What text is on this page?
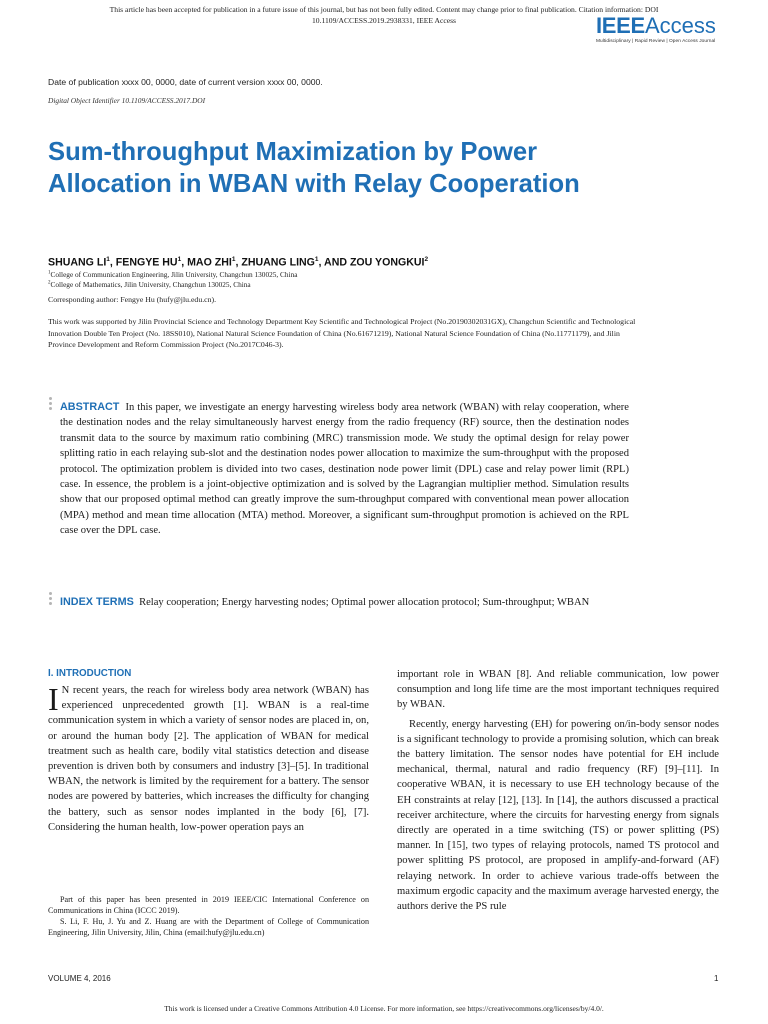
This article has been accepted for publication in a future issue of this journal, but has not been fully edited. Content may change prior to final publication. Citation information: DOI
10.1109/ACCESS.2019.2938331, IEEE Access	IEEEAccess
Multidisciplinary | Rapid Review | Open Access Journal
Date of publication xxxx 00, 0000, date of current version xxxx 00, 0000.
Digital Object Identifier 10.1109/ACCESS.2017.DOI
Sum-throughput Maximization by Power Allocation in WBAN with Relay Cooperation
SHUANG $LI^1$, FENGYE $HU^1$, MAO ZHI$^1$, ZHUANG LING$^1$, AND ZOU YONGKUI$^2$
$^1$College of Communication Engineering, Jilin University, Changchun 130025, China
$^2$College of Mathematics, Jilin University, Changchun 130025, China
Corresponding author: Fengye Hu (hufy@jlu.edu.cn).
This work was supported by Jilin Provincial Science and Technology Department Key Scientific and Technological Project (No.20190302031GX), Changchun Scientific and Technological Innovation Double Ten Project (No. 18SS010), National Natural Science Foundation of China (No.61671219), National Natural Science Foundation of China (No.11771179), and Jilin Province Development and Reform Commission Project (No.2017C046-3).
ABSTRACT In this paper, we investigate an energy harvesting wireless body area network (WBAN) with relay cooperation, where the destination nodes and the relay simultaneously harvest energy from the radio frequency (RF) source, then the destination nodes transmit data to the source by maximum ratio combining (MRC) transmission mode. We study the optimal design for relay power splitting ratio in each relaying sub-slot and the destination nodes power allocation to maximize the sum-throughput with the proposed protocol. The optimization problem is divided into two cases, destination node power limit (DPL) case and relay power limit (RPL) case. In essence, the problem is a joint-objective optimization and is solved by the Lagrangian multiplier method. Simulation results show that our proposed optimal method can greatly improve the sum-throughput compared with conventional mean power allocation (MPA) method and mean time allocation (MTA) method. Moreover, a significant sum-throughput promotion is achieved on the RPL case over the DPL case.
INDEX TERMS Relay cooperation; Energy harvesting nodes; Optimal power allocation protocol; Sum-throughput; WBAN
I. INTRODUCTION
I N recent years, the reach for wireless body area network (WBAN) has experienced unprecedented growth [1]. WBAN is a real-time communication system in which a variety of sensor nodes are placed in, on, or around the human body [2]. The application of WBAN for medical treatment such as health care, bodily vital statistics detection and disease prevention is driven both by consumers and industry [3]–[5]. In traditional WBAN, the network is limited by the requirement for a battery. The sensor nodes are powered by batteries, which increases the difficulty for changing the battery, such as sensor nodes implanted in the body [6], [7]. Considering the human health, low-power operation pays an

Part of this paper has been presented in 2019 IEEE/CIC International Conference on Communications in China (ICCC 2019).

S. Li, F. Hu, J. Yu and Z. Huang are with the Department of College of Communication Engineering, Jilin University, Jilin, China (email:hufy@jlu.edu.cn)

important role in WBAN [8]. And reliable communication, low power consumption and long life time are the most important techniques required by WBAN.

Recently, energy harvesting (EH) for powering on/in-body sensor nodes is a significant technology to provide a promising solution, which can break the battery limitation. The sensor nodes have potential for EH include mechanical, thermal, natural and radio frequency (RF) [9]–[11]. In cooperative WBAN, it is necessary to use EH technology because of the EH constraints at relay [12], [13]. In [14], the authors discussed a practical receiver architecture, where the circuits for harvesting energy from signals directly are operated in a time switching (TS) or power splitting (PS) manner. In [15], two types of relaying protocols, named TS protocol and power splitting PS protocol, are proposed in amplify-and-forward (AF) relaying network. In order to achieve various trade-offs between the maximum ergodic capacity and the maximum average harvested energy, the authors derive the PS rule

VOLUME 4, 2016	1
This work is licensed under a Creative Commons Attribution 4.0 License. For more information, see https://creativecommons.org/licenses/by/4.0/.
